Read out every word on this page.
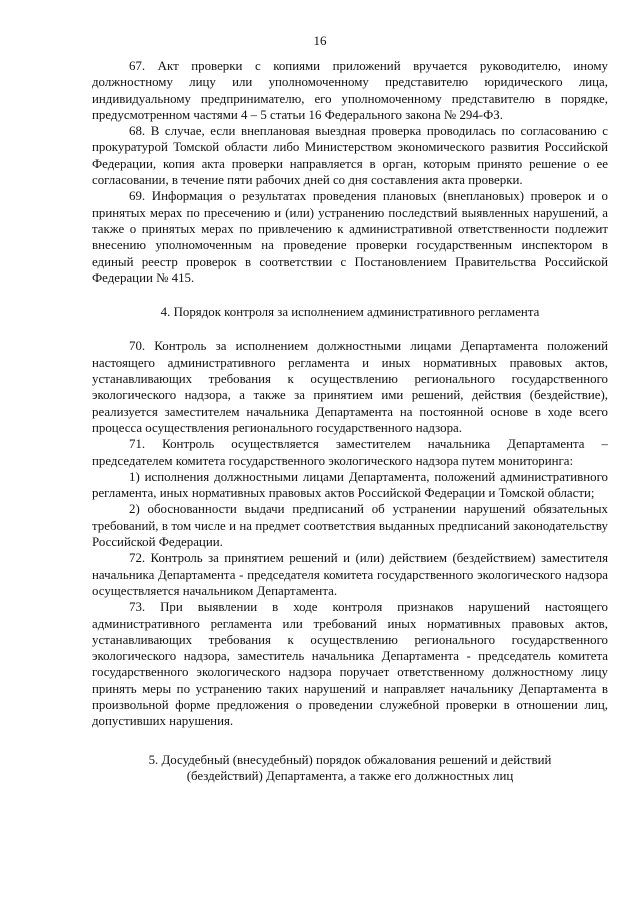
16

67. Акт проверки с копиями приложений вручается руководителю, иному должностному лицу или уполномоченному представителю юридического лица, индивидуальному предпринимателю, его уполномоченному представителю в порядке, предусмотренном частями 4 – 5 статьи 16 Федерального закона № 294-ФЗ.

68. В случае, если внеплановая выездная проверка проводилась по согласованию с прокуратурой Томской области либо Министерством экономического развития Российской Федерации, копия акта проверки направляется в орган, которым принято решение о ее согласовании, в течение пяти рабочих дней со дня составления акта проверки.

69. Информация о результатах проведения плановых (внеплановых) проверок и о принятых мерах по пресечению и (или) устранению последствий выявленных нарушений, а также о принятых мерах по привлечению к административной ответственности подлежит внесению уполномоченным на проведение проверки государственным инспектором в единый реестр проверок в соответствии с Постановлением Правительства Российской Федерации № 415.

4. Порядок контроля за исполнением административного регламента

70. Контроль за исполнением должностными лицами Департамента положений настоящего административного регламента и иных нормативных правовых актов, устанавливающих требования к осуществлению регионального государственного экологического надзора, а также за принятием ими решений, действия (бездействие), реализуется заместителем начальника Департамента на постоянной основе в ходе всего процесса осуществления регионального государственного надзора.

71. Контроль осуществляется заместителем начальника Департамента – председателем комитета государственного экологического надзора путем мониторинга:

1) исполнения должностными лицами Департамента, положений административного регламента, иных нормативных правовых актов Российской Федерации и Томской области;

2) обоснованности выдачи предписаний об устранении нарушений обязательных требований, в том числе и на предмет соответствия выданных предписаний законодательству Российской Федерации.

72. Контроль за принятием решений и (или) действием (бездействием) заместителя начальника Департамента - председателя комитета государственного экологического надзора осуществляется начальником Департамента.

73. При выявлении в ходе контроля признаков нарушений настоящего административного регламента или требований иных нормативных правовых актов, устанавливающих требования к осуществлению регионального государственного экологического надзора, заместитель начальника Департамента - председатель комитета государственного экологического надзора поручает ответственному должностному лицу принять меры по устранению таких нарушений и направляет начальнику Департамента в произвольной форме предложения о проведении служебной проверки в отношении лиц, допустивших нарушения.

5. Досудебный (внесудебный) порядок обжалования решений и действий

(бездействий) Департамента, а также его должностных лиц
